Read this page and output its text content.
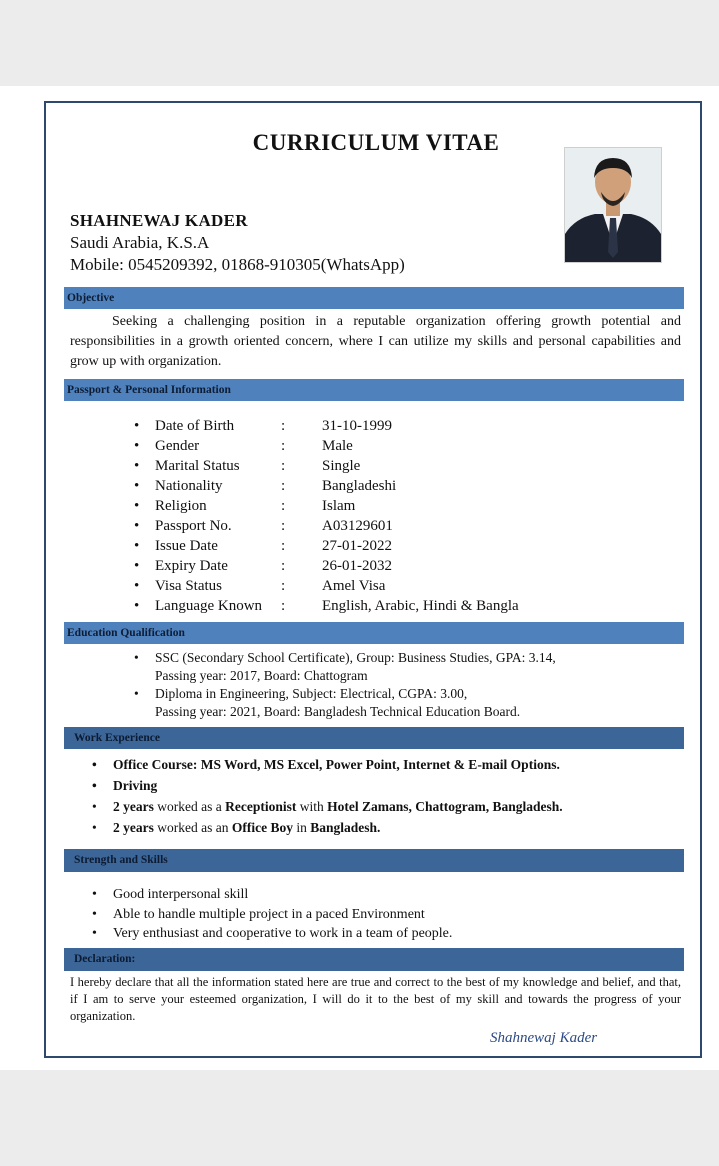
CURRICULUM VITAE
SHAHNEWAJ KADER
Saudi Arabia, K.S.A
Mobile: 0545209392, 01868-910305(WhatsApp)
Objective
Seeking a challenging position in a reputable organization offering growth potential and responsibilities in a growth oriented concern, where I can utilize my skills and personal capabilities and grow up with organization.
Passport & Personal Information
• Date of Birth	: 31-10-1999
• Gender	: Male
• Marital Status	: Single
• Nationality	: Bangladeshi
• Religion	: Islam
• Passport No.	: A03129601
• Issue Date	: 27-01-2022
• Expiry Date	: 26-01-2032
• Visa Status	: Amel Visa
• Language Known : English, Arabic, Hindi & Bangla
Education Qualification
• SSC (Secondary School Certificate), Group: Business Studies, GPA: 3.14,
Passing year: 2017, Board: Chattogram
• Diploma in Engineering, Subject: Electrical, CGPA: 3.00,
Passing year: 2021, Board: Bangladesh Technical Education Board.
Work Experience
• Office Course: MS Word, MS Excel, Power Point, Internet & E-mail Options.
• Driving
• 2 years worked as a Receptionist with Hotel Zamans, Chattogram, Bangladesh.
• 2 years worked as an Office Boy in Bangladesh.
Strength and Skills
• Good interpersonal skill
• Able to handle multiple project in a paced Environment
• Very enthusiast and cooperative to work in a team of people.
Declaration:
I hereby declare that all the information stated here are true and correct to the best of my knowledge and belief, and that, if I am to serve your esteemed organization, I will do it to the best of my skill and towards the progress of your organization.
Shahnewaj Kader
